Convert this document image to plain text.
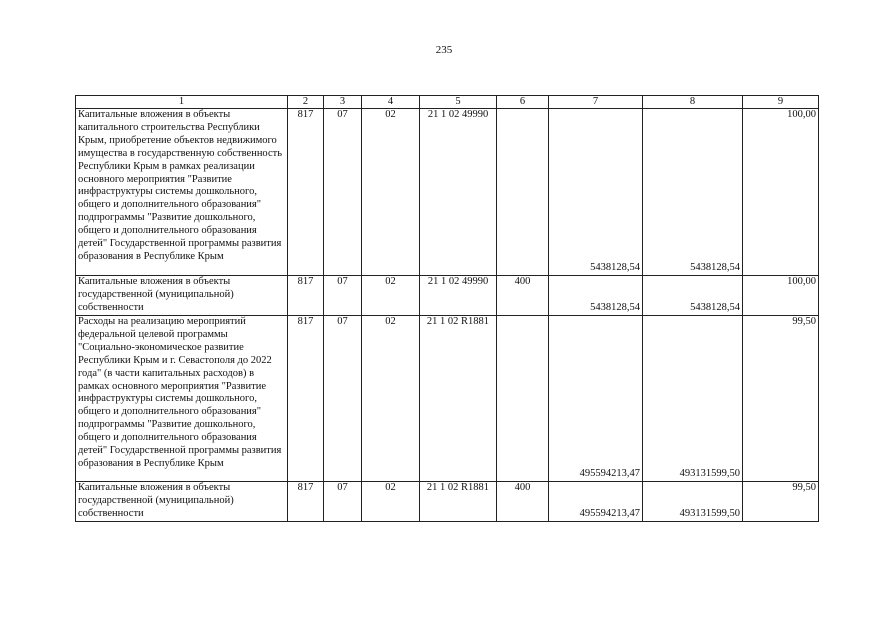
235
1	2	3	4	5	6	7	8	9
Капитальные вложения в объекты капитального строительства Республики Крым, приобретение объектов недвижимого имущества в государственную собственность Республики Крым в рамках реализации основного мероприятия "Развитие инфраструктуры системы дошкольного, общего и дополнительного образования" подпрограммы "Развитие дошкольного, общего и дополнительного образования детей" Государственной программы развития образования в Республике Крым	817	07	02	21 1 02 49990		5438128,54	5438128,54	100,00
Капитальные вложения в объекты государственной (муниципальной) собственности	817	07	02	21 1 02 49990	400	5438128,54	5438128,54	100,00
Расходы на реализацию мероприятий федеральной целевой программы "Социально-экономическое развитие Республики Крым и г. Севастополя до 2022 года" (в части капитальных расходов) в рамках основного мероприятия "Развитие инфраструктуры системы дошкольного, общего и дополнительного образования" подпрограммы "Развитие дошкольного, общего и дополнительного образования детей" Государственной программы развития образования в Республике Крым	817	07	02	21 1 02 R1881		495594213,47	493131599,50	99,50
Капитальные вложения в объекты государственной (муниципальной) собственности	817	07	02	21 1 02 R1881	400	495594213,47	493131599,50	99,50
